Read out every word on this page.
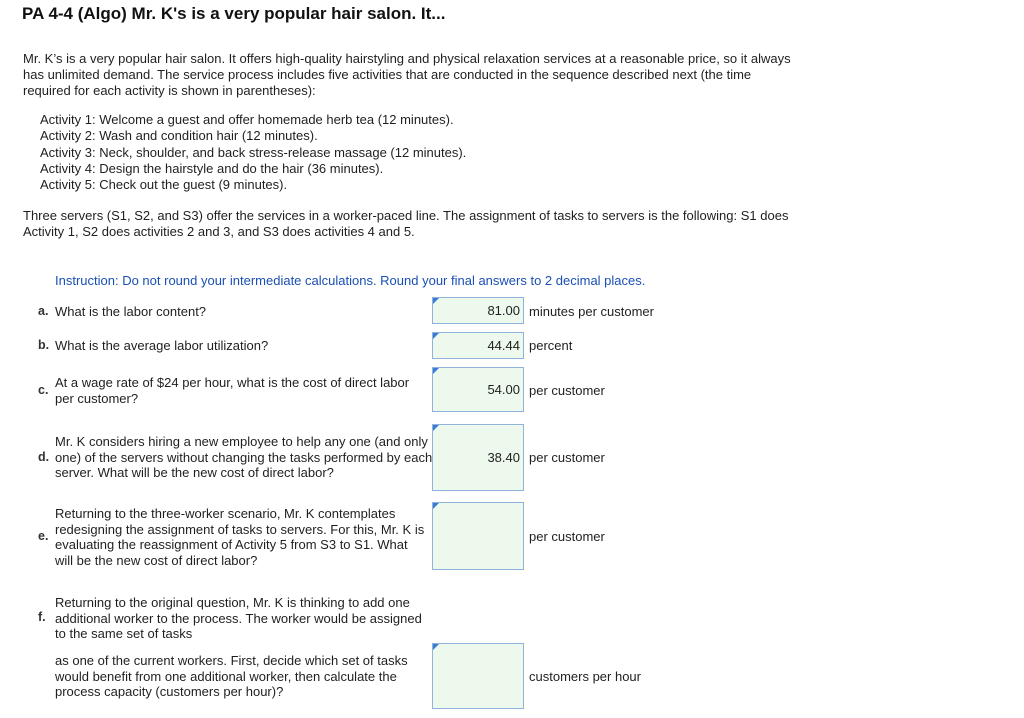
PA 4-4 (Algo) Mr. K's is a very popular hair salon. It...

Mr. K’s is a very popular hair salon. It offers high-quality hairstyling and physical relaxation services at a reasonable price, so it always
has unlimited demand. The service process includes five activities that are conducted in the sequence described next (the time
required for each activity is shown in parentheses):

Activity 1: Welcome a guest and offer homemade herb tea (12 minutes).
Activity 2: Wash and condition hair (12 minutes).
Activity 3: Neck, shoulder, and back stress-release massage (12 minutes).
Activity 4: Design the hairstyle and do the hair (36 minutes).
Activity 5: Check out the guest (9 minutes).

Three servers (S1, S2, and S3) offer the services in a worker-paced line. The assignment of tasks to servers is the following: S1 does
Activity 1, S2 does activities 2 and 3, and S3 does activities 4 and 5.

Instruction: Do not round your intermediate calculations. Round your final answers to 2 decimal places.

a. What is the labor content?	81.00 minutes per customer
b. What is the average labor utilization?	44.44 percent
c. At a wage rate of $24 per hour, what is the cost of direct labor per customer?
54.00 per customer
d.
Mr. K considers hiring a new employee to help any one (and only one) of the servers without changing the tasks performed by each server. What will be the new cost of direct labor?
38.40 per customer
e.
Returning to the three-worker scenario, Mr. K contemplates redesigning the assignment of tasks to servers. For this, Mr. K is evaluating the reassignment of Activity 5 from S3 to S1. What will be the new cost of direct labor?
per customer
f.
Returning to the original question, Mr. K is thinking to add one additional worker to the process. The worker would be assigned to the same set of tasks
as one of the current workers. First, decide which set of tasks would benefit from one additional worker, then calculate the process capacity (customers per hour)?
customers per hour
